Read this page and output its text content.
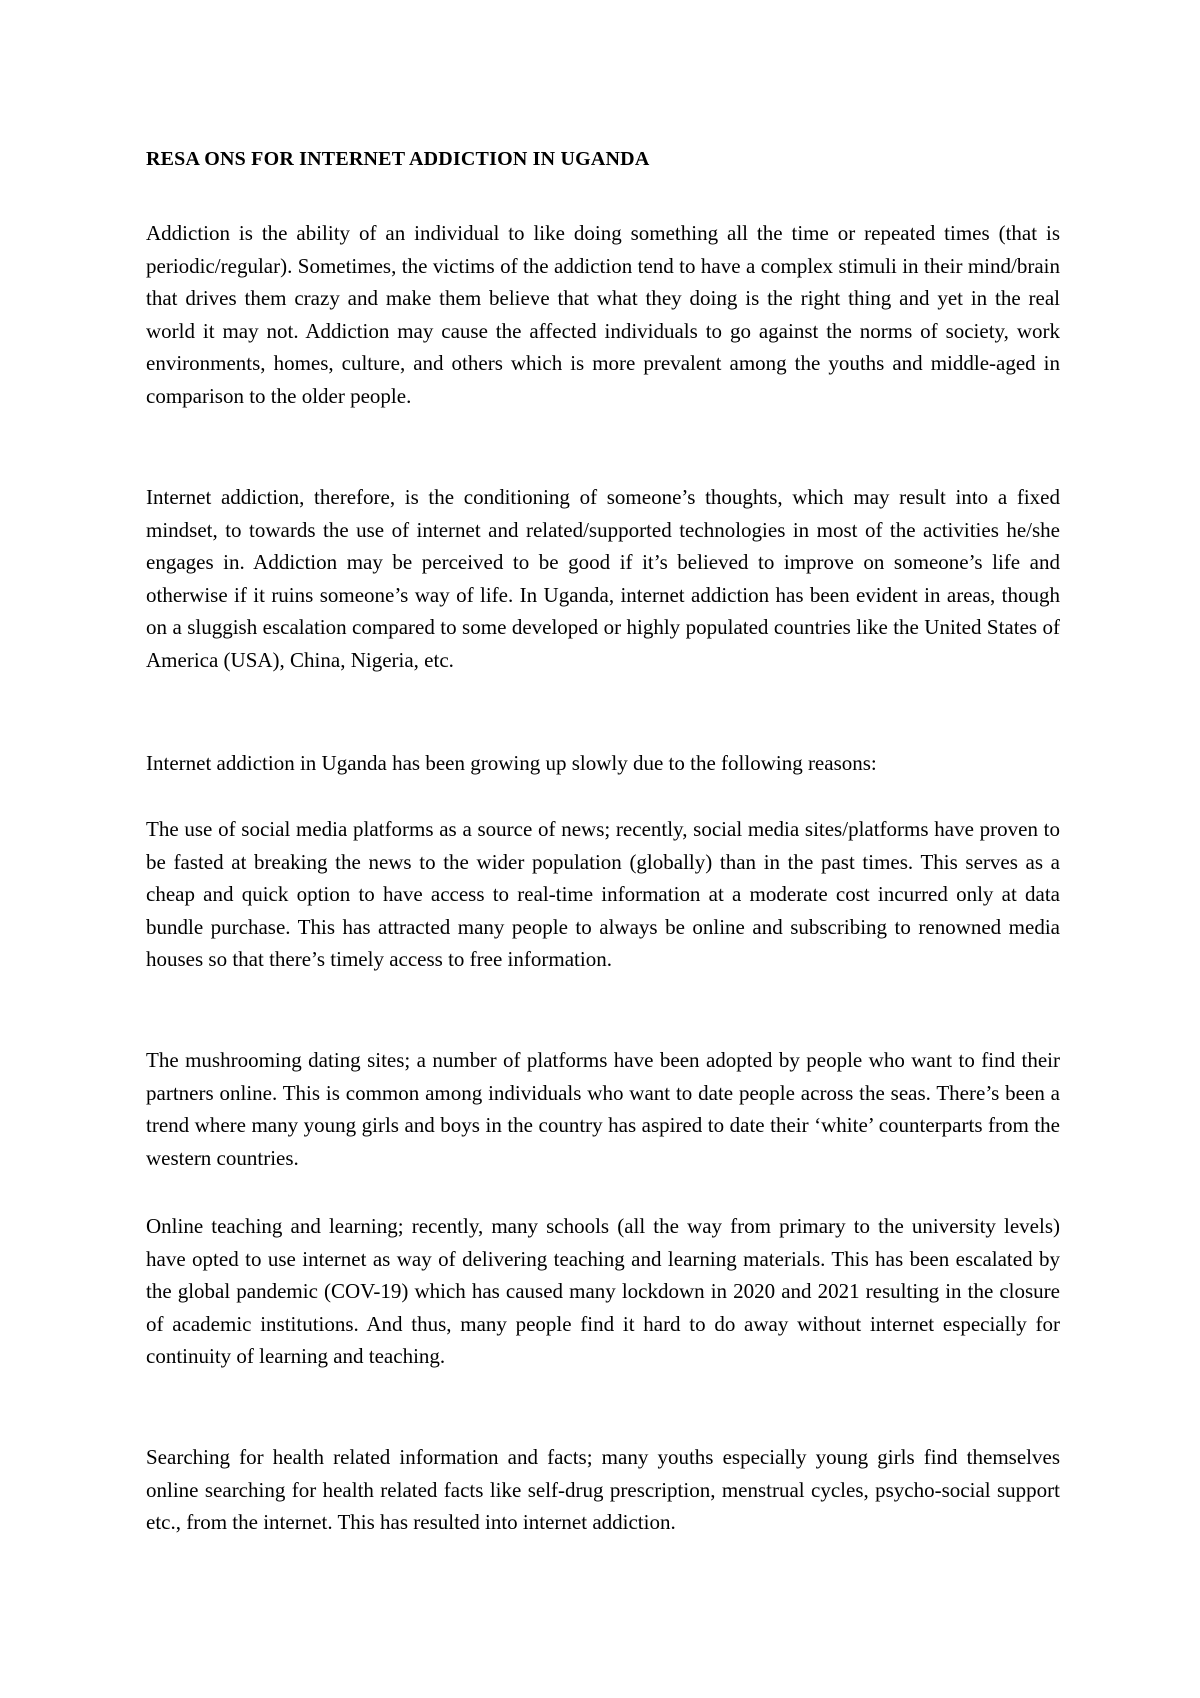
RESA ONS FOR INTERNET ADDICTION IN UGANDA

Addiction is the ability of an individual to like doing something all the time or repeated times (that is periodic/regular). Sometimes, the victims of the addiction tend to have a complex stimuli in their mind/brain that drives them crazy and make them believe that what they doing is the right thing and yet in the real world it may not. Addiction may cause the affected individuals to go against the norms of society, work environments, homes, culture, and others which is more prevalent among the youths and middle-aged in comparison to the older people.

Internet addiction, therefore, is the conditioning of someone’s thoughts, which may result into a fixed mindset, to towards the use of internet and related/supported technologies in most of the activities he/she engages in. Addiction may be perceived to be good if it’s believed to improve on someone’s life and otherwise if it ruins someone’s way of life. In Uganda, internet addiction has been evident in areas, though on a sluggish escalation compared to some developed or highly populated countries like the United States of America (USA), China, Nigeria, etc.

Internet addiction in Uganda has been growing up slowly due to the following reasons:

The use of social media platforms as a source of news; recently, social media sites/platforms have proven to be fasted at breaking the news to the wider population (globally) than in the past times. This serves as a cheap and quick option to have access to real-time information at a moderate cost incurred only at data bundle purchase. This has attracted many people to always be online and subscribing to renowned media houses so that there’s timely access to free information.

The mushrooming dating sites; a number of platforms have been adopted by people who want to find their partners online. This is common among individuals who want to date people across the seas. There’s been a trend where many young girls and boys in the country has aspired to date their ‘white’ counterparts from the western countries.

Online teaching and learning; recently, many schools (all the way from primary to the university levels) have opted to use internet as way of delivering teaching and learning materials. This has been escalated by the global pandemic (COV-19) which has caused many lockdown in 2020 and 2021 resulting in the closure of academic institutions. And thus, many people find it hard to do away without internet especially for continuity of learning and teaching.

Searching for health related information and facts; many youths especially young girls find themselves online searching for health related facts like self-drug prescription, menstrual cycles, psycho-social support etc., from the internet. This has resulted into internet addiction.
